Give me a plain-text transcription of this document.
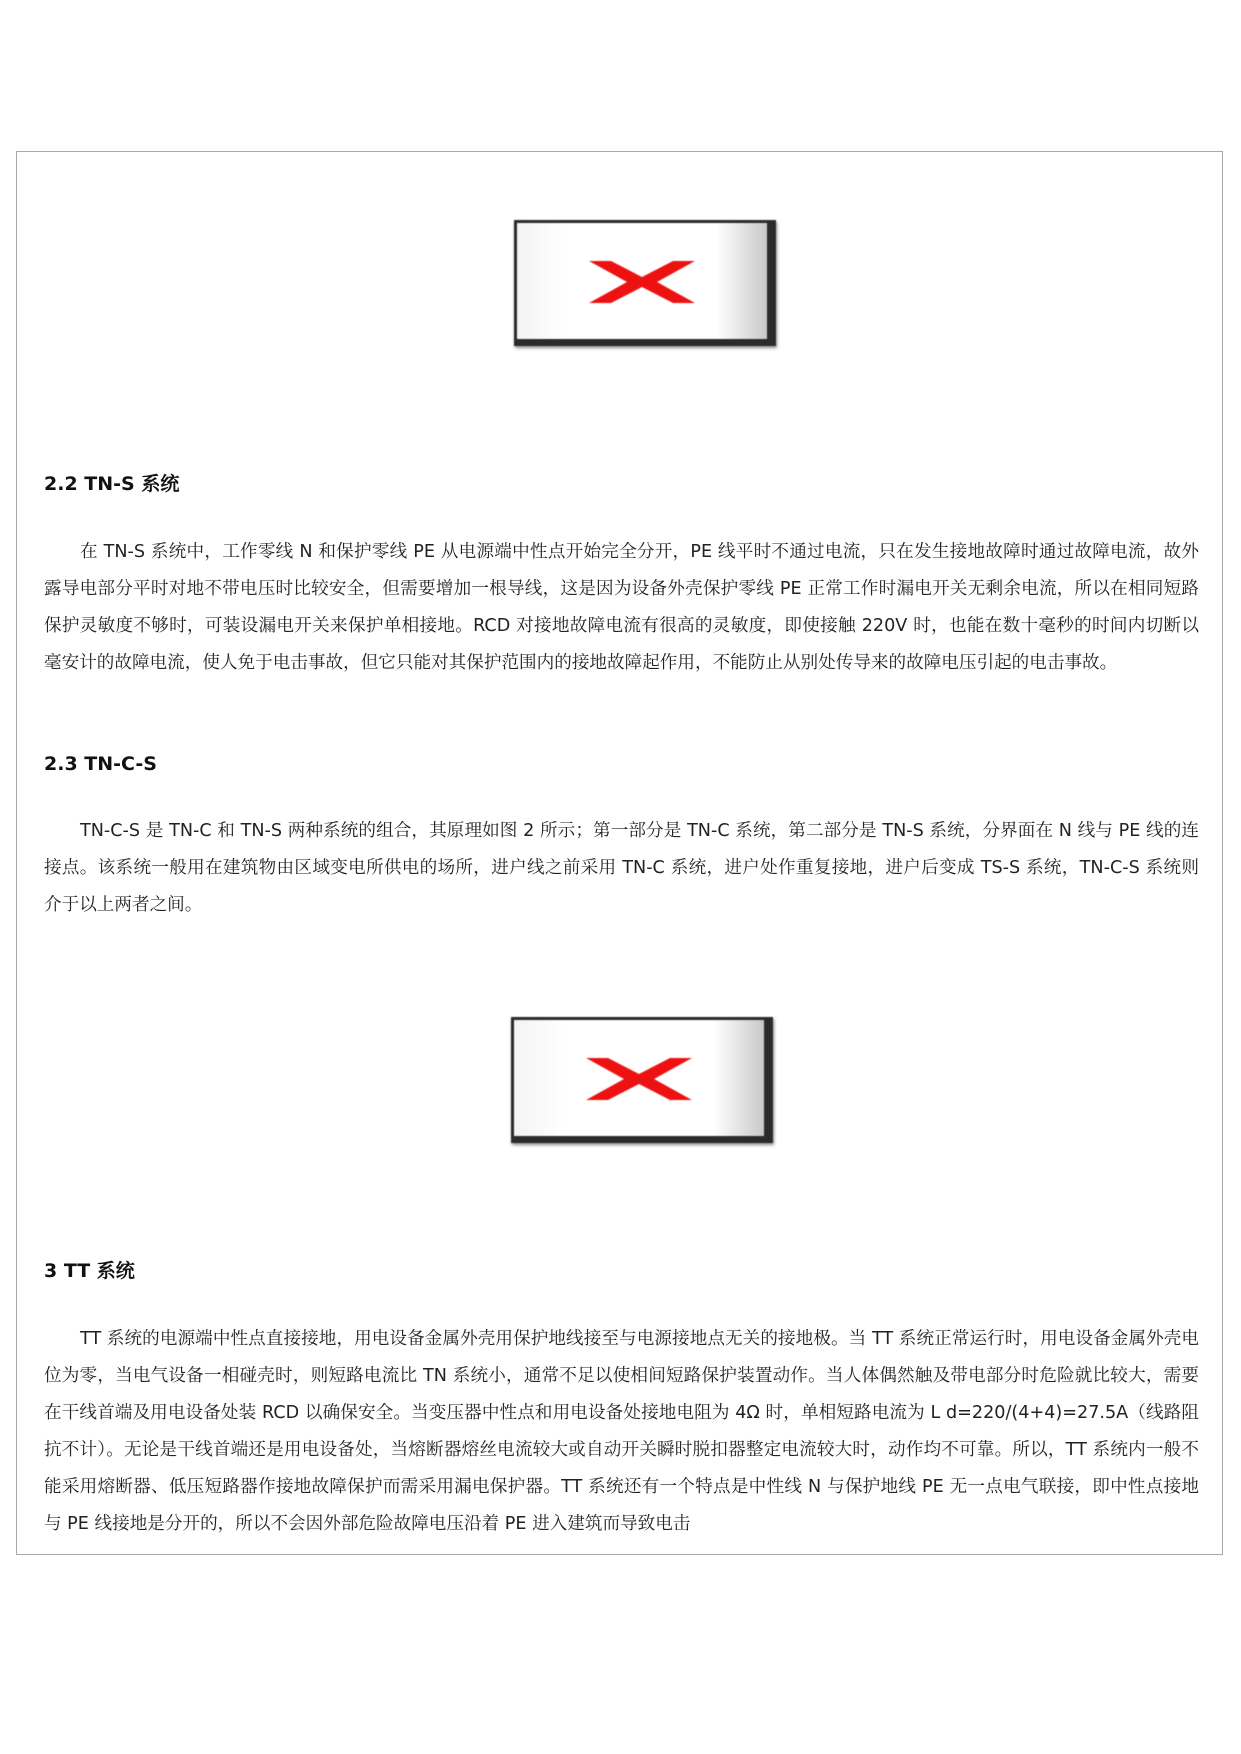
2.2 TN-S 系统

在 TN-S 系统中，工作零线 N 和保护零线 PE 从电源端中性点开始完全分开，PE 线平时不通过电流，只在发生接地故障时通过故障电流，故外露导电部分平时对地不带电压时比较安全，但需要增加一根导线，这是因为设备外壳保护零线 PE 正常工作时漏电开关无剩余电流，所以在相同短路保护灵敏度不够时，可装设漏电开关来保护单相接地。RCD 对接地故障电流有很高的灵敏度，即使接触 220V 时，也能在数十毫秒的时间内切断以毫安计的故障电流，使人免于电击事故，但它只能对其保护范围内的接地故障起作用，不能防止从别处传导来的故障电压引起的电击事故。

2.3 TN-C-S

TN-C-S 是 TN-C 和 TN-S 两种系统的组合，其原理如图 2 所示；第一部分是 TN-C 系统，第二部分是 TN-S 系统，分界面在 N 线与 PE 线的连接点。该系统一般用在建筑物由区域变电所供电的场所，进户线之前采用 TN-C 系统，进户处作重复接地，进户后变成 TS-S 系统，TN-C-S 系统则介于以上两者之间。

3 TT 系统

TT 系统的电源端中性点直接接地，用电设备金属外壳用保护地线接至与电源接地点无关的接地极。当 TT 系统正常运行时，用电设备金属外壳电位为零，当电气设备一相碰壳时，则短路电流比 TN 系统小，通常不足以使相间短路保护装置动作。当人体偶然触及带电部分时危险就比较大，需要在干线首端及用电设备处装 RCD 以确保安全。当变压器中性点和用电设备处接地电阻为 4Ω 时，单相短路电流为 L d=220/(4+4)=27.5A（线路阻抗不计）。无论是干线首端还是用电设备处，当熔断器熔丝电流较大或自动开关瞬时脱扣器整定电流较大时，动作均不可靠。所以，TT 系统内一般不能采用熔断器、低压短路器作接地故障保护而需采用漏电保护器。TT 系统还有一个特点是中性线 N 与保护地线 PE 无一点电气联接，即中性点接地与 PE 线接地是分开的，所以不会因外部危险故障电压沿着 PE 进入建筑而导致电击
